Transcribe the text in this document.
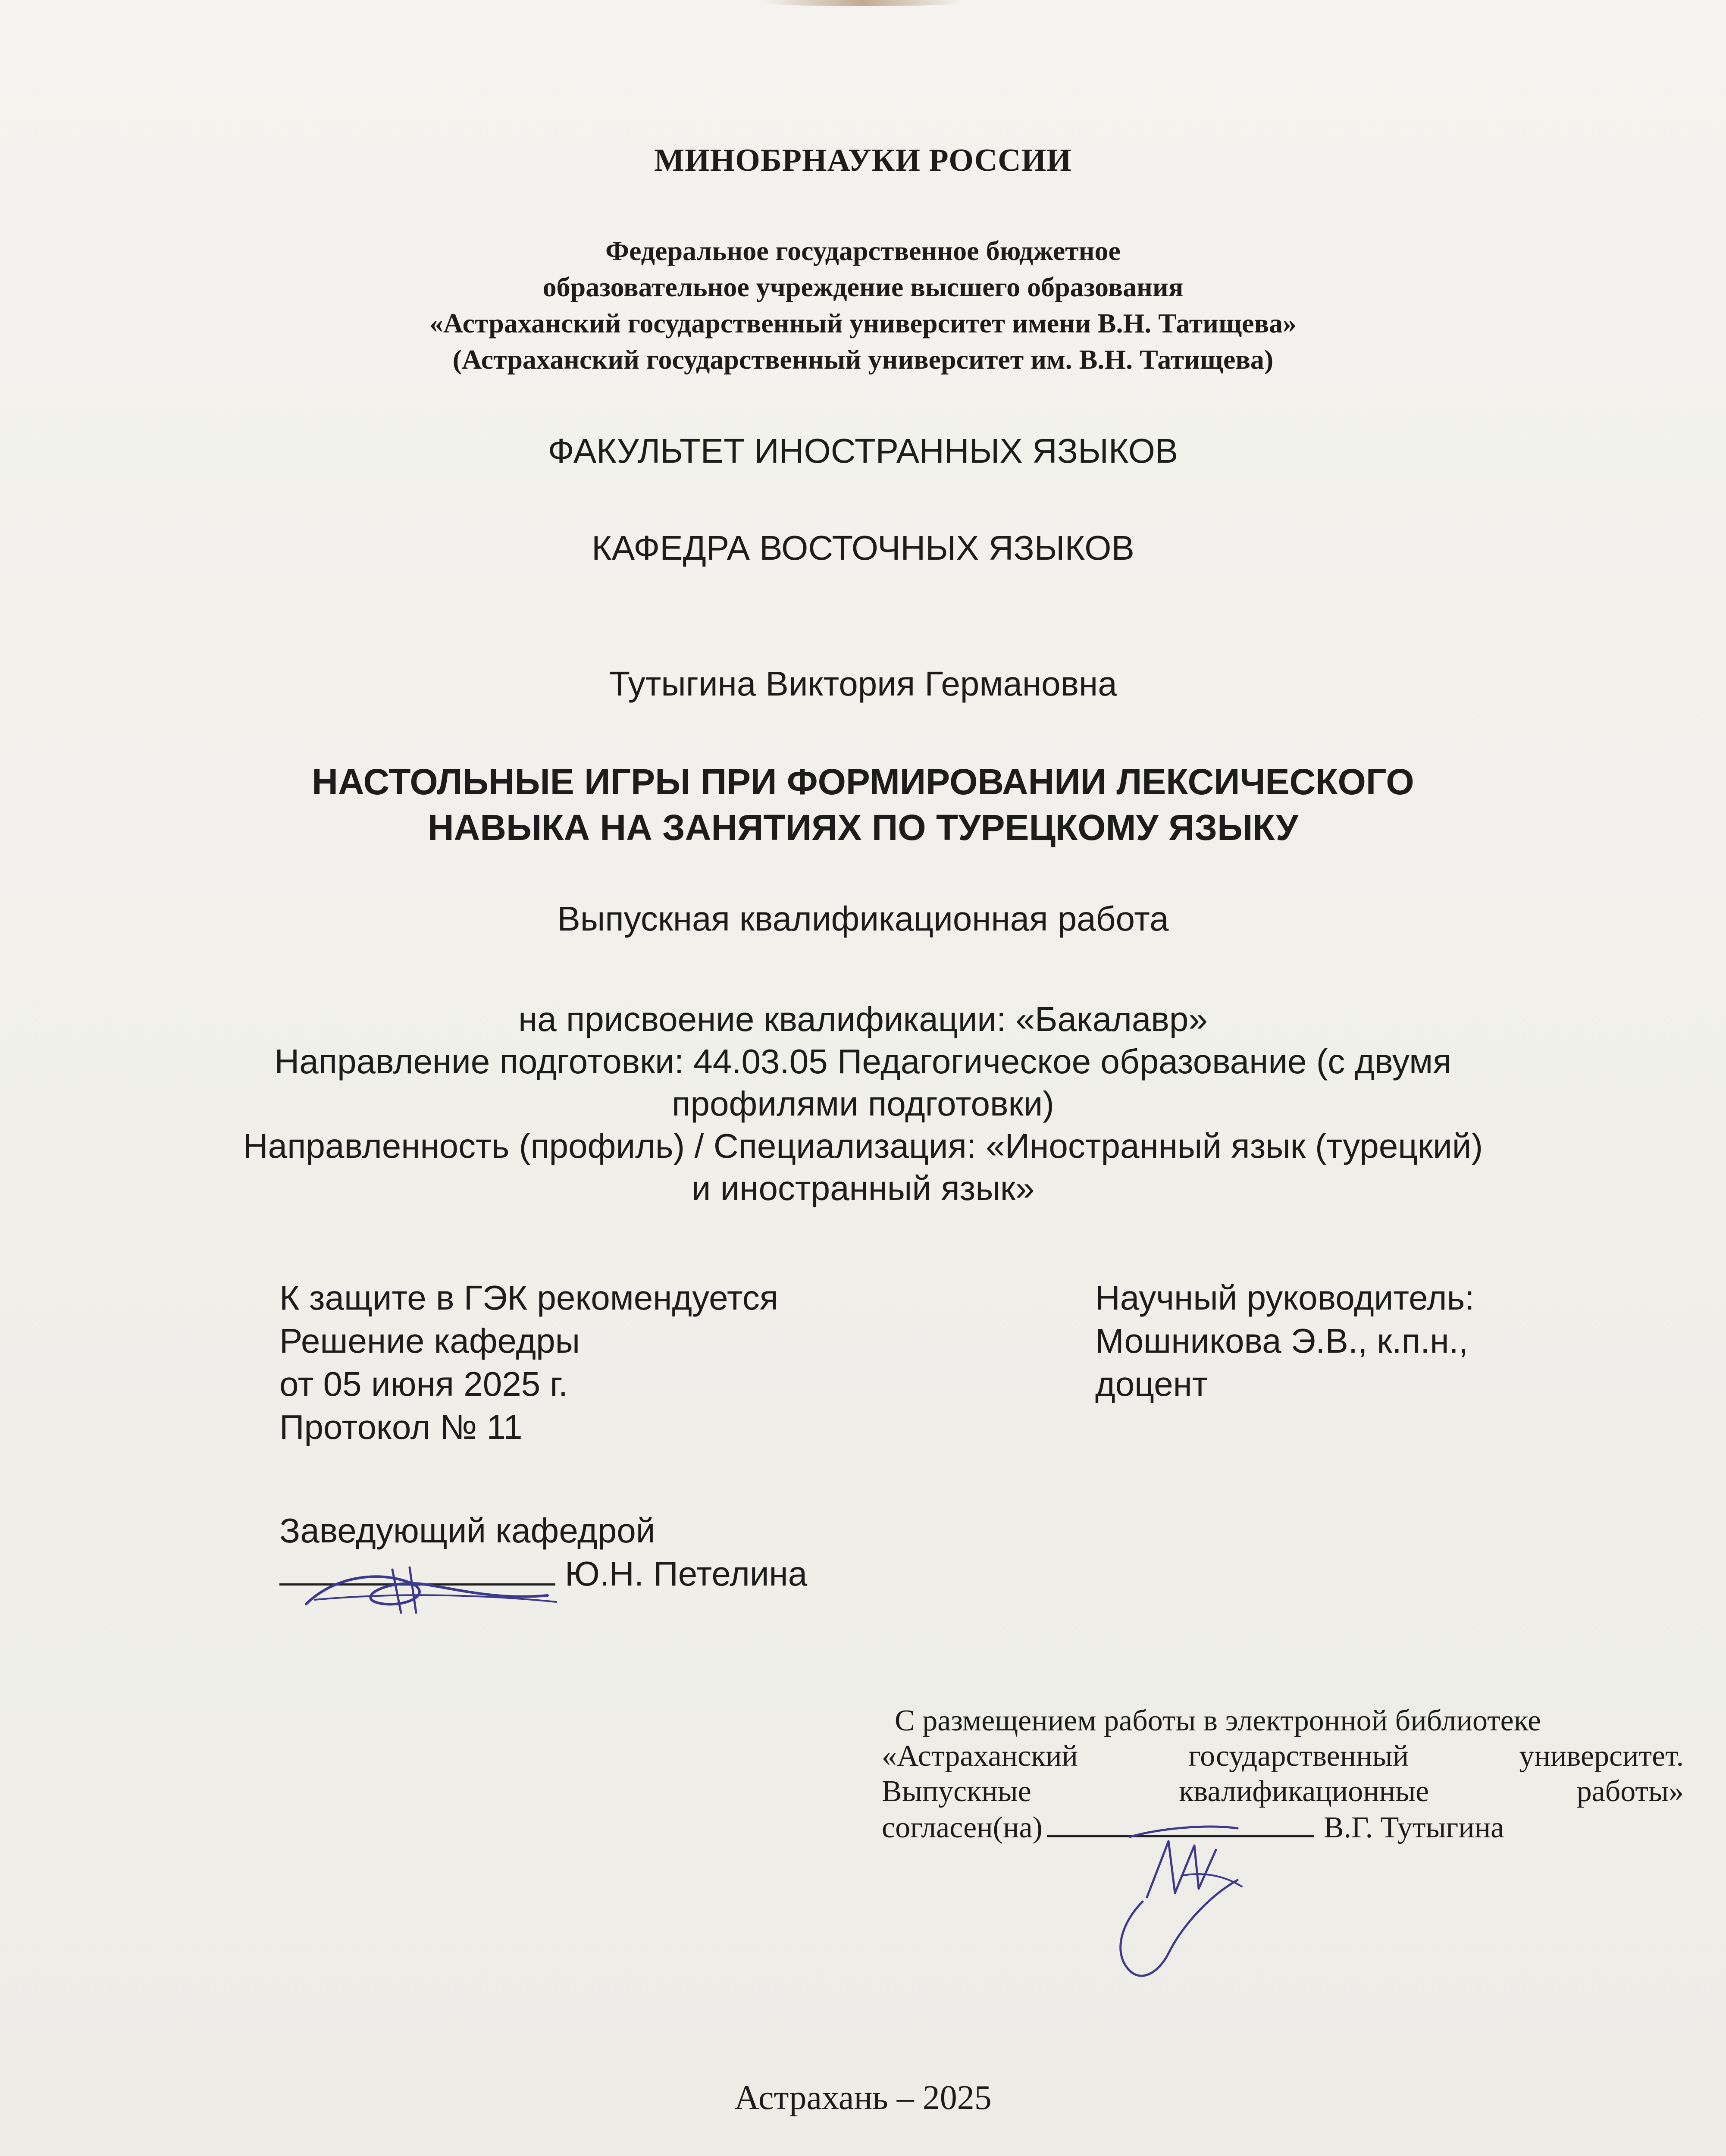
МИНОБРНАУКИ РОССИИ
Федеральное государственное бюджетное
образовательное учреждение высшего образования
«Астраханский государственный университет имени В.Н. Татищева»
(Астраханский государственный университет им. В.Н. Татищева)
ФАКУЛЬТЕТ ИНОСТРАННЫХ ЯЗЫКОВ
КАФЕДРА ВОСТОЧНЫХ ЯЗЫКОВ
Тутыгина Виктория Германовна
НАСТОЛЬНЫЕ ИГРЫ ПРИ ФОРМИРОВАНИИ ЛЕКСИЧЕСКОГО
НАВЫКА НА ЗАНЯТИЯХ ПО ТУРЕЦКОМУ ЯЗЫКУ
Выпускная квалификационная работа
на присвоение квалификации: «Бакалавр»
Направление подготовки: 44.03.05 Педагогическое образование (с двумя
профилями подготовки)
Направленность (профиль) / Специализация: «Иностранный язык (турецкий)
и иностранный язык»
К защите в ГЭК рекомендуется
Решение кафедры
от 05 июня 2025 г.
Протокол № 11
Научный руководитель:
Мошникова Э.В., к.п.н.,
доцент
Заведующий кафедрой
Ю.Н. Петелина
С размещением работы в электронной библиотеке
«Астраханский государственный университет.
Выпускные квалификационные работы»
согласен(на)	В.Г. Тутыгина
Астрахань – 2025
